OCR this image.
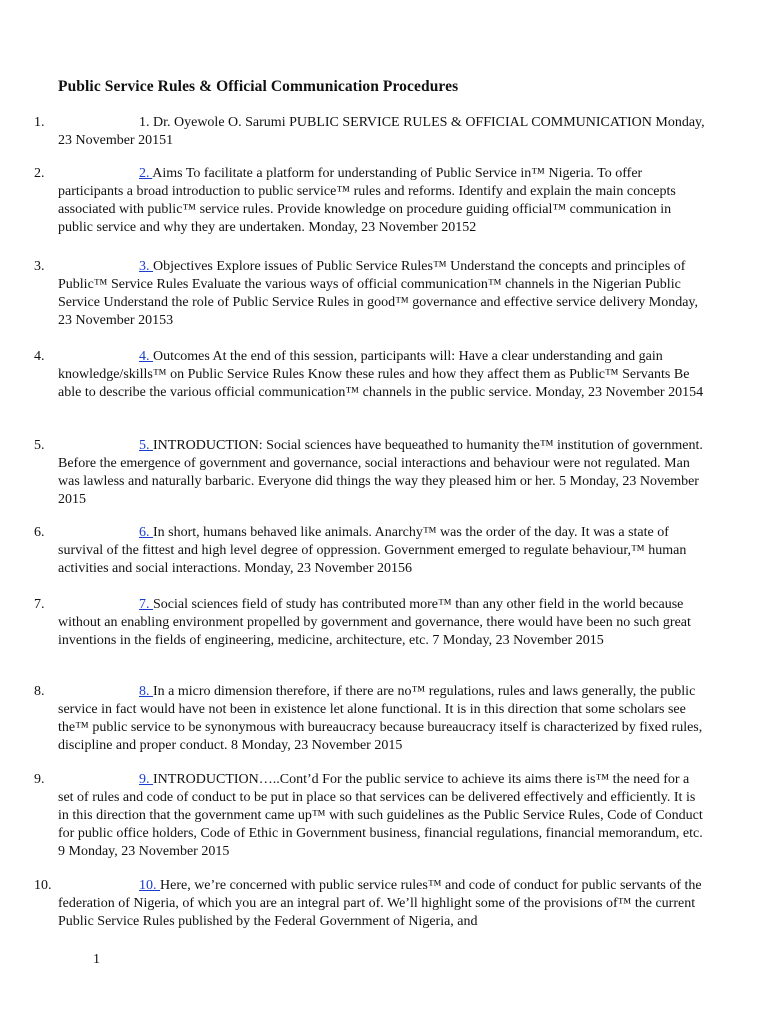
Public Service Rules & Official Communication Procedures
1.	1. Dr. Oyewole O. Sarumi PUBLIC SERVICE RULES & OFFICIAL COMMUNICATION Monday, 23 November 20151
2.	2. Aims To facilitate a platform for understanding of Public Service in™ Nigeria. To offer participants a broad introduction to public service™ rules and reforms. Identify and explain the main concepts associated with public™ service rules. Provide knowledge on procedure guiding official™ communication in public service and why they are undertaken. Monday, 23 November 20152
3.	3. Objectives Explore issues of Public Service Rules™ Understand the concepts and principles of Public™ Service Rules Evaluate the various ways of official communication™ channels in the Nigerian Public Service Understand the role of Public Service Rules in good™ governance and effective service delivery Monday, 23 November 20153
4.	4. Outcomes At the end of this session, participants will: Have a clear understanding and gain knowledge/skills™ on Public Service Rules Know these rules and how they affect them as Public™ Servants Be able to describe the various official communication™ channels in the public service. Monday, 23 November 20154
5.	5. INTRODUCTION: Social sciences have bequeathed to humanity the™ institution of government. Before the emergence of government and governance, social interactions and behaviour were not regulated. Man was lawless and naturally barbaric. Everyone did things the way they pleased him or her. 5 Monday, 23 November 2015
6.	6. In short, humans behaved like animals. Anarchy™ was the order of the day. It was a state of survival of the fittest and high level degree of oppression. Government emerged to regulate behaviour,™ human activities and social interactions. Monday, 23 November 20156
7.	7. Social sciences field of study has contributed more™ than any other field in the world because without an enabling environment propelled by government and governance, there would have been no such great inventions in the fields of engineering, medicine, architecture, etc. 7 Monday, 23 November 2015
8.	8. In a micro dimension therefore, if there are no™ regulations, rules and laws generally, the public service in fact would have not been in existence let alone functional. It is in this direction that some scholars see the™ public service to be synonymous with bureaucracy because bureaucracy itself is characterized by fixed rules, discipline and proper conduct. 8 Monday, 23 November 2015
9.	9. INTRODUCTION…..Cont’d For the public service to achieve its aims there is™ the need for a set of rules and code of conduct to be put in place so that services can be delivered effectively and efficiently. It is in this direction that the government came up™ with such guidelines as the Public Service Rules, Code of Conduct for public office holders, Code of Ethic in Government business, financial regulations, financial memorandum, etc. 9 Monday, 23 November 2015
10.	10. Here, we’re concerned with public service rules™ and code of conduct for public servants of the federation of Nigeria, of which you are an integral part of. We’ll highlight some of the provisions of™ the current Public Service Rules published by the Federal Government of Nigeria, and
1
